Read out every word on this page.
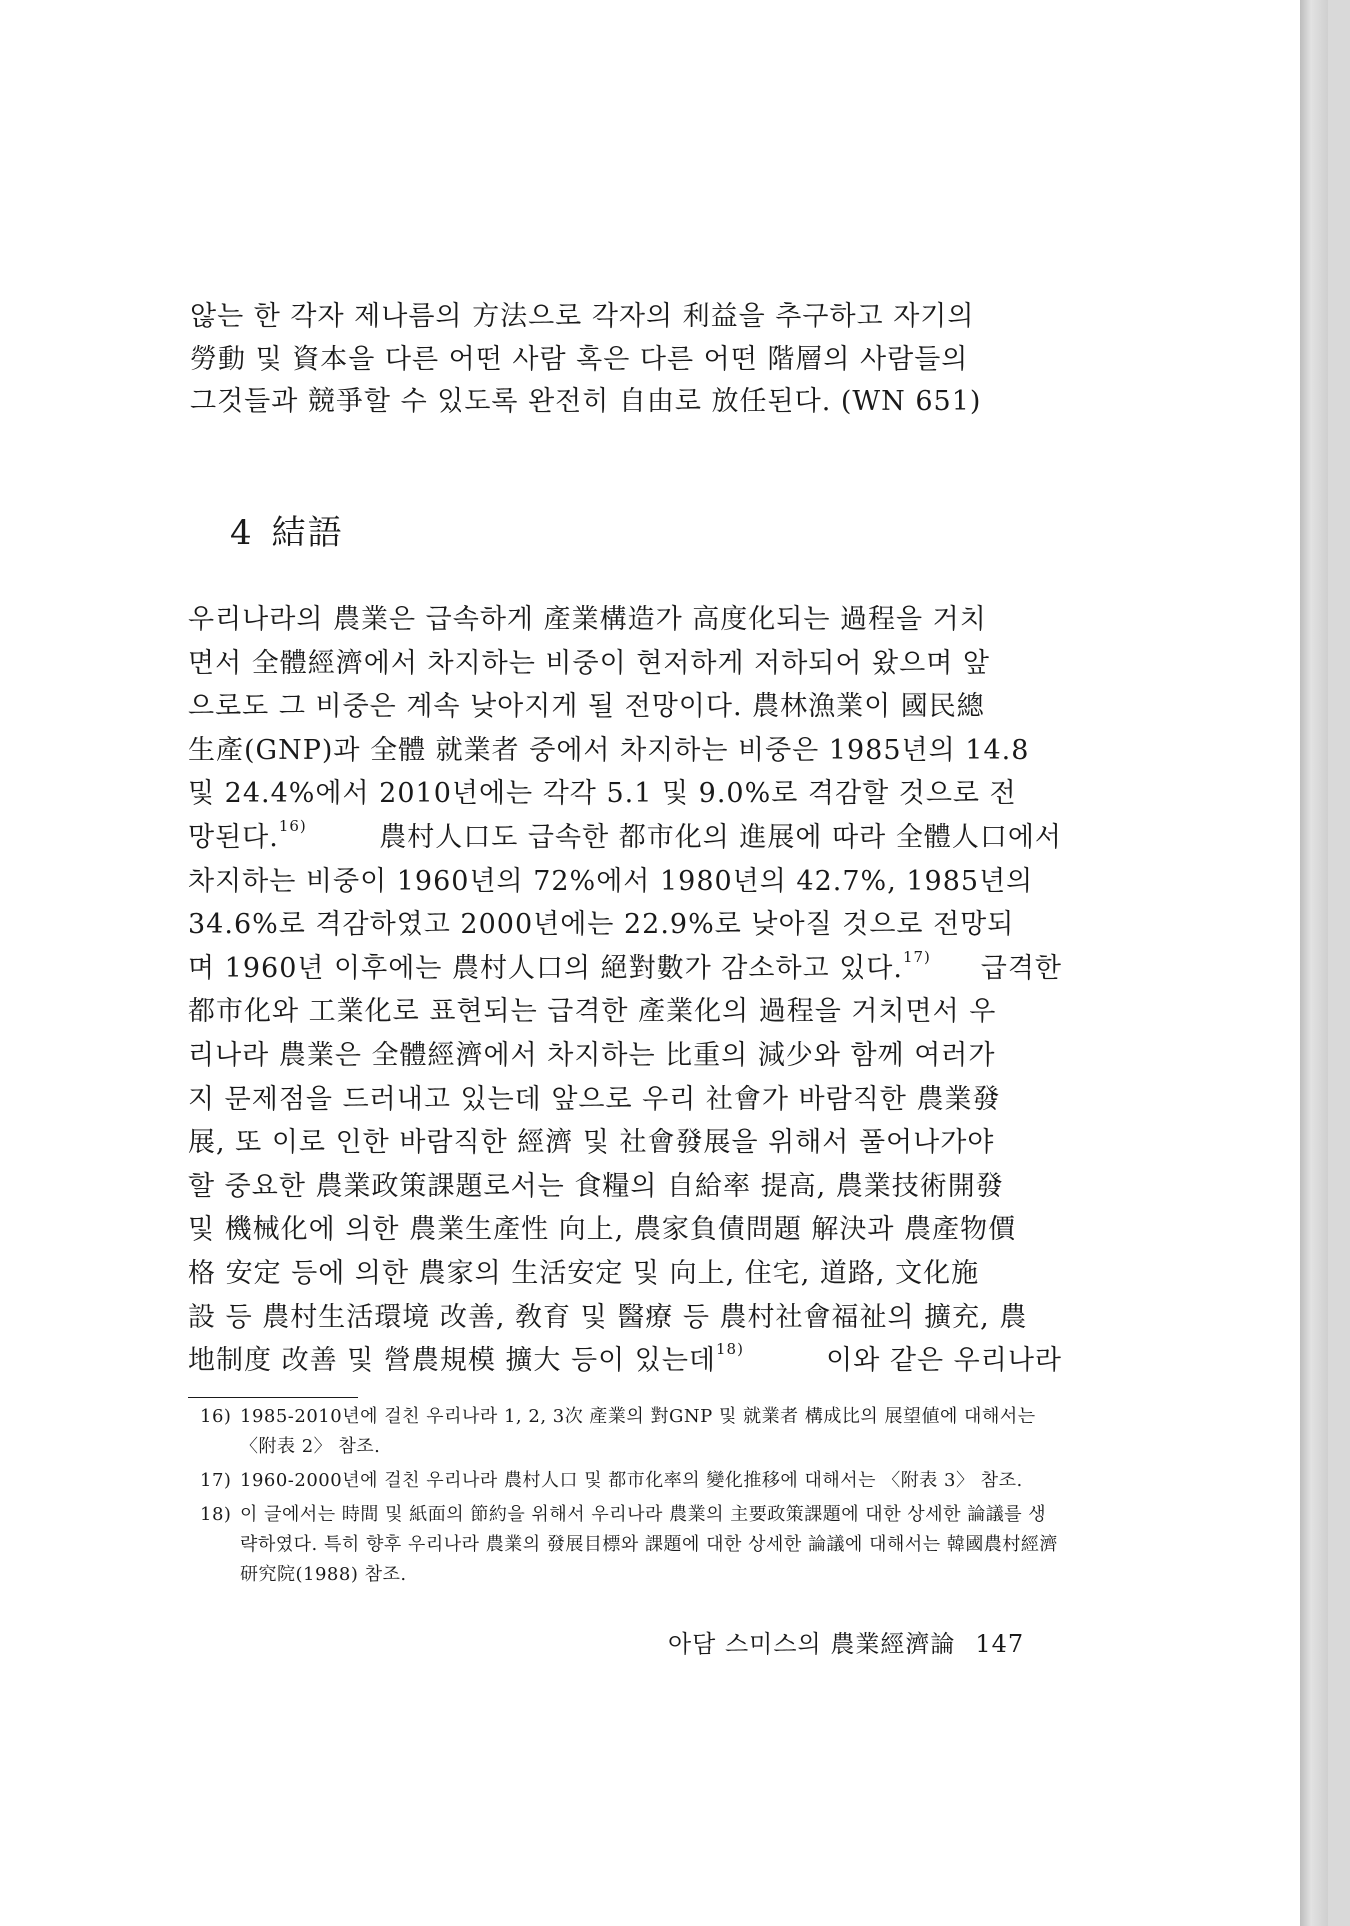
않는 한 각자 제나름의 方法으로 각자의 利益을 추구하고 자기의
勞動 및 資本을 다른 어떤 사람 혹은 다른 어떤 階層의 사람들의
그것들과 競爭할 수 있도록 완전히 自由로 放任된다. (WN 651)
4 結語
우리나라의 農業은 급속하게 產業構造가 高度化되는 過程을 거치
면서 全體經濟에서 차지하는 비중이 현저하게 저하되어 왔으며 앞
으로도 그 비중은 계속 낮아지게 될 전망이다. 農林漁業이 國民總
生產(GNP)과 全體 就業者 중에서 차지하는 비중은 1985년의 14.8
및 24.4%에서 2010년에는 각각 5.1 및 9.0%로 격감할 것으로 전
망된다.$^{16)}$	農村人口도 급속한 都市化의 進展에 따라 全體人口에서
차지하는 비중이 1960년의 72%에서 1980년의 42.7%, 1985년의
34.6%로 격감하였고 2000년에는 22.9%로 낮아질 것으로 전망되
며 1960년 이후에는 農村人口의 絕對數가 감소하고 있다.$^{17)}$ 급격한
都市化와 工業化로 표현되는 급격한 產業化의 過程을 거치면서 우
리나라 農業은 全體經濟에서 차지하는 比重의 減少와 함께 여러가
지 문제점을 드러내고 있는데 앞으로 우리 社會가 바람직한 農業發
展, 또 이로 인한 바람직한 經濟 및 社會發展을 위해서 풀어나가야
할 중요한 農業政策課題로서는 食糧의 自給率 提高, 農業技術開發
및 機械化에 의한 農業生產性 向上, 農家負債問題 解決과 農產物價
格 安定 등에 의한 農家의 生活安定 및 向上, 住宅, 道路, 文化施
設 등 農村生活環境 改善, 敎育 및 醫療 등 農村社會福祉의 擴充, 農
地制度 改善 및 營農規模 擴大 등이 있는데$^{18)}$	이와 같은 우리나라
16) 1985-2010년에 걸친 우리나라 1, 2, 3次 產業의 對GNP 및 就業者 構成比의 展望値에 대해서는 〈附表 2〉 참조.
17) 1960-2000년에 걸친 우리나라 農村人口 및 都市化率의 變化推移에 대해서는 〈附表 3〉 참조.
18) 이 글에서는 時間 및 紙面의 節約을 위해서 우리나라 農業의 主要政策課題에 대한 상세한 論議를 생략하였다. 특히 향후 우리나라 農業의 發展目標와 課題에 대한 상세한 論議에 대해서는 韓國農村經濟研究院(1988) 참조.
아담 스미스의 農業經濟論 147
